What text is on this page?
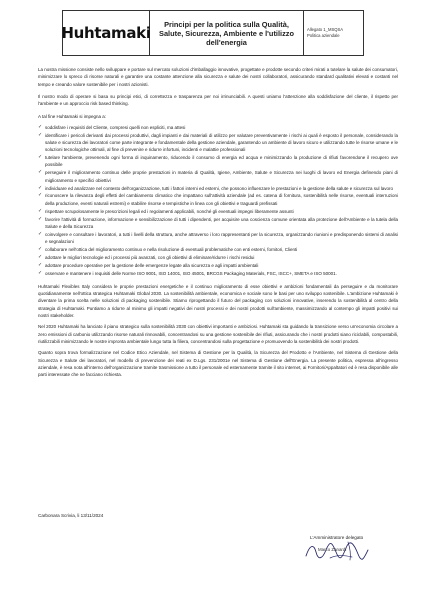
Huhtamaki	Principi per la politica sulla Qualità,
Salute, Sicurezza, Ambiente e l'utilizzo
dell'energia
Allegato 1_MSQSA
Politica aziendale

La nostra missione consiste nello sviluppare e portare sul mercato soluzioni d'imballaggio innovative, progettate e prodotte secondo criteri mirati a tutelare la salute dei consumatori, minimizzare lo spreco di risorse naturali e garantire una costante attenzione alla sicurezza e salute dei nostri collaboratori, assicurando standard qualitativi elevati e costanti nel tempo e creando valore sostenibile per i nostri azionisti.

Il nostro modo di operare si basa su principi etici, di correttezza e trasparenza per noi irrinunciabili. A questi uniamo l'attenzione alla soddisfazione del cliente, il rispetto per l'ambiente e un approccio risk based thinking.

A tal fine Huhtamaki si impegna a:
✓ soddisfare i requisiti del Cliente, compresi quelli non espliciti, ma attesi
✓ identificare i pericoli derivanti dai processi produttivi, dagli impianti e dai materiali di utilizzo per valutare preventivamente i rischi ai quali è esposto il personale, considerando la salute e sicurezza dei lavoratori come parte integrante e fondamentale della gestione aziendale, garantendo un ambiente di lavoro sicuro e utilizzando tutte le risorse umane e le soluzioni tecnologiche ottimali, al fine di prevenire e ridurre infortuni, incidenti e malattie professionali
✓ tutelare l'ambiente, prevenendo ogni forma di inquinamento, riducendo il consumo di energia ed acqua e minimizzando la produzione di rifiuti favorendone il recupero ove possibile
✓ perseguire il miglioramento continuo delle proprie prestazioni in materia di Qualità, Igiene, Ambiente, Salute e Sicurezza nei luoghi di lavoro ed Energia definendo piani di miglioramento e specifici obiettivi
✓ individuare ed analizzare nel contesto dell'organizzazione, tutti i fattori interni ed esterni, che possono influenzare le prestazioni e la gestione della salute e sicurezza sul lavoro
✓ riconoscere la rilevanza degli effetti del cambiamento climatico che impattano sull'attività aziendale (ad es. catena di fornitura, sostenibilità nelle risorse, eventuali interruzioni della produzione, eventi naturali estremi) e stabilire risorse e tempistiche in linea con gli obiettivi e traguardi prefissati
✓ rispettare scrupolosamente le prescrizioni legali ed i regolamenti applicabili, nonché gli eventuali impegni liberamente assunti
✓ favorire l'attività di formazione, informazione e sensibilizzazione di tutti i dipendenti, per acquisire una coscienza comune orientata alla protezione dell'Ambiente e la tutela della Salute e della Sicurezza
✓ coinvolgere e consultare i lavoratori, a tutti i livelli della struttura, anche attraverso i loro rappresentanti per la sicurezza, organizzando riunioni e predisponendo sistemi di analisi e segnalazioni
✓ collaborare nell'ottica del miglioramento continuo e nella risoluzione di eventuali problematiche con enti esterni, fornitori, Clienti
✓ adottare le migliori tecnologie ed i processi più avanzati, con gli obiettivi di eliminare/ridurre i rischi residui
✓ adottare procedure operative per la gestione delle emergenze legate alla sicurezza e agli impatti ambientali
✓ osservare e mantenere i requisiti delle Norme ISO 9001, ISO 14001, ISO 45001, BRCGS Packaging Materials, FSC, ISCC+, SMETA e ISO 50001.

Huhtamaki Flexibles Italy considera le proprie prestazioni energetiche e il continuo miglioramento di esse obiettivi e ambizioni fondamentali da perseguire e da monitorare quotidianamente nell'ottica strategica Huhtamaki Global 2030. La sostenibilità ambientale, economica e sociale sono le basi per uno sviluppo sostenibile. L'ambizione Huhtamaki è diventare la prima scelta nelle soluzioni di packaging sostenibile. Stiamo riprogettando il futuro del packaging con soluzioni innovative, inserendo la sostenibilità al centro della strategia di Huhtamaki. Puntiamo a ridurre al minimo gli impatti negativi dei nostri processi e dei nostri prodotti sull'ambiente, massimizzando al contempo gli impatti positivi sui nostri stakeholder.

Nel 2020 Huhtamaki ha lanciato il piano strategico sulla sostenibilità 2030 con obiettivi importanti e ambiziosi. Huhtamaki sta guidando la transizione verso un'economia circolare a zero emissioni di carbonio utilizzando risorse naturali rinnovabili, concentrandosi su una gestione sostenibile dei rifiuti, assicurando che i nostri prodotti siano riciclabili, compostabili, riutilizzabili minimizzando le nostre impronta ambientale lungo tutta la filiera, concentrandosi sulla progettazione e promuovendo la sostenibilità dei nostri prodotti.

Quanto sopra trova formalizzazione nel Codice Etico Aziendale, nel Sistema di Gestione per la Qualità, la Sicurezza del Prodotto e l'Ambiente, nel Sistema di Gestione della Sicurezza e Salute dei lavoratori, nel modello di prevenzione dei reati ex D.Lgs. 231/2001e nel Sistema di Gestione dell'Energia. La presente politica, espressa all'ingresso aziendale, è resa nota all'interno dell'organizzazione tramite trasmissione a tutto il personale ed esternamente tramite il sito internet, ai Fornitori/Appaltatori ed è resa disponibile alle parti interessate che ne facciano richiesta.

Carbonara Scrivia, li 13/11/2024
L'Amministratore delegato
Marco Zanardi
